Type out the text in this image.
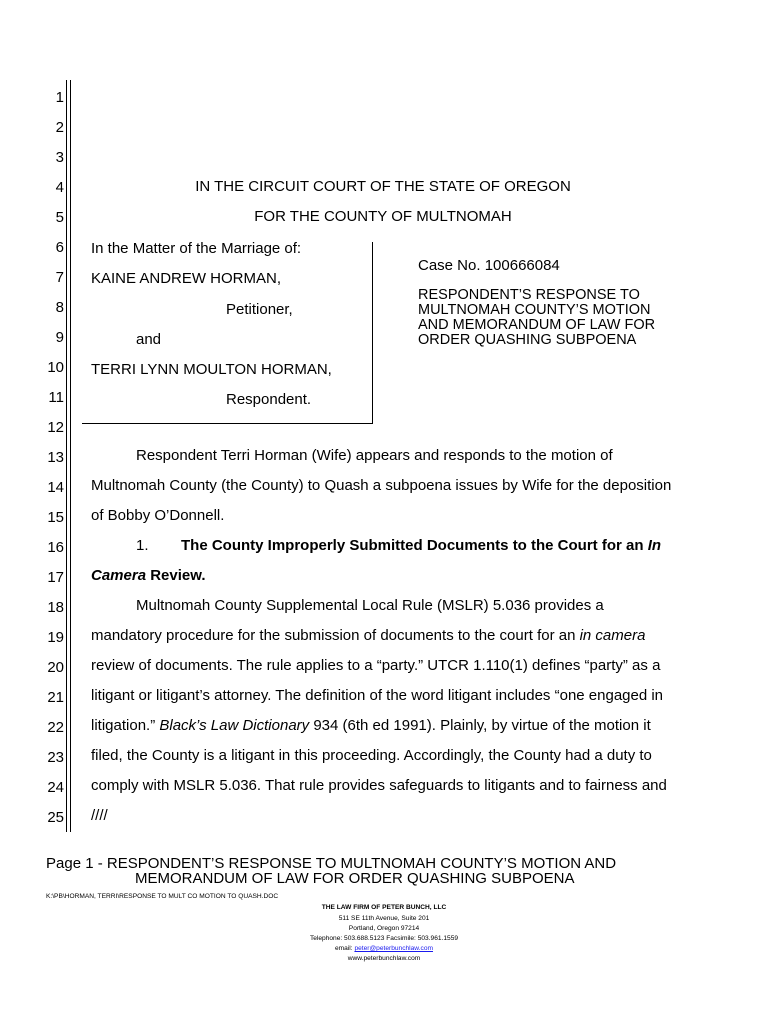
1
2
3
4
5
6
7
8
9
10
11
12
13
14
15
16
17
18
19
20
21
22
23
24
25
IN THE CIRCUIT COURT OF THE STATE OF OREGON
FOR THE COUNTY OF MULTNOMAH
In the Matter of the Marriage of:
KAINE ANDREW HORMAN,
Petitioner,
and
TERRI LYNN MOULTON HORMAN,
Respondent.
Case No. 100666084
RESPONDENT’S RESPONSE TO
MULTNOMAH COUNTY’S MOTION
AND MEMORANDUM OF LAW FOR
ORDER QUASHING SUBPOENA
Respondent Terri Horman (Wife) appears and responds to the motion of
Multnomah County (the County) to Quash a subpoena issues by Wife for the deposition
of Bobby O’Donnell.
1. The County Improperly Submitted Documents to the Court for an In
Camera Review.
Multnomah County Supplemental Local Rule (MSLR) 5.036 provides a
mandatory procedure for the submission of documents to the court for an in camera
review of documents. The rule applies to a “party.” UTCR 1.110(1) defines “party” as a
litigant or litigant’s attorney. The definition of the word litigant includes “one engaged in
litigation.” Black’s Law Dictionary 934 (6th ed 1991). Plainly, by virtue of the motion it
filed, the County is a litigant in this proceeding. Accordingly, the County had a duty to
comply with MSLR 5.036. That rule provides safeguards to litigants and to fairness and
////
Page 1 - RESPONDENT’S RESPONSE TO MULTNOMAH COUNTY’S MOTION AND
MEMORANDUM OF LAW FOR ORDER QUASHING SUBPOENA
K:\PB\HORMAN, TERRI\RESPONSE TO MULT CO MOTION TO QUASH.DOC
THE LAW FIRM OF PETER BUNCH, LLC
511 SE 11th Avenue, Suite 201
Portland, Oregon 97214
Telephone: 503.688.5123 Facsimile: 503.961.1559
email: peter@peterbunchlaw.com
www.peterbunchlaw.com
